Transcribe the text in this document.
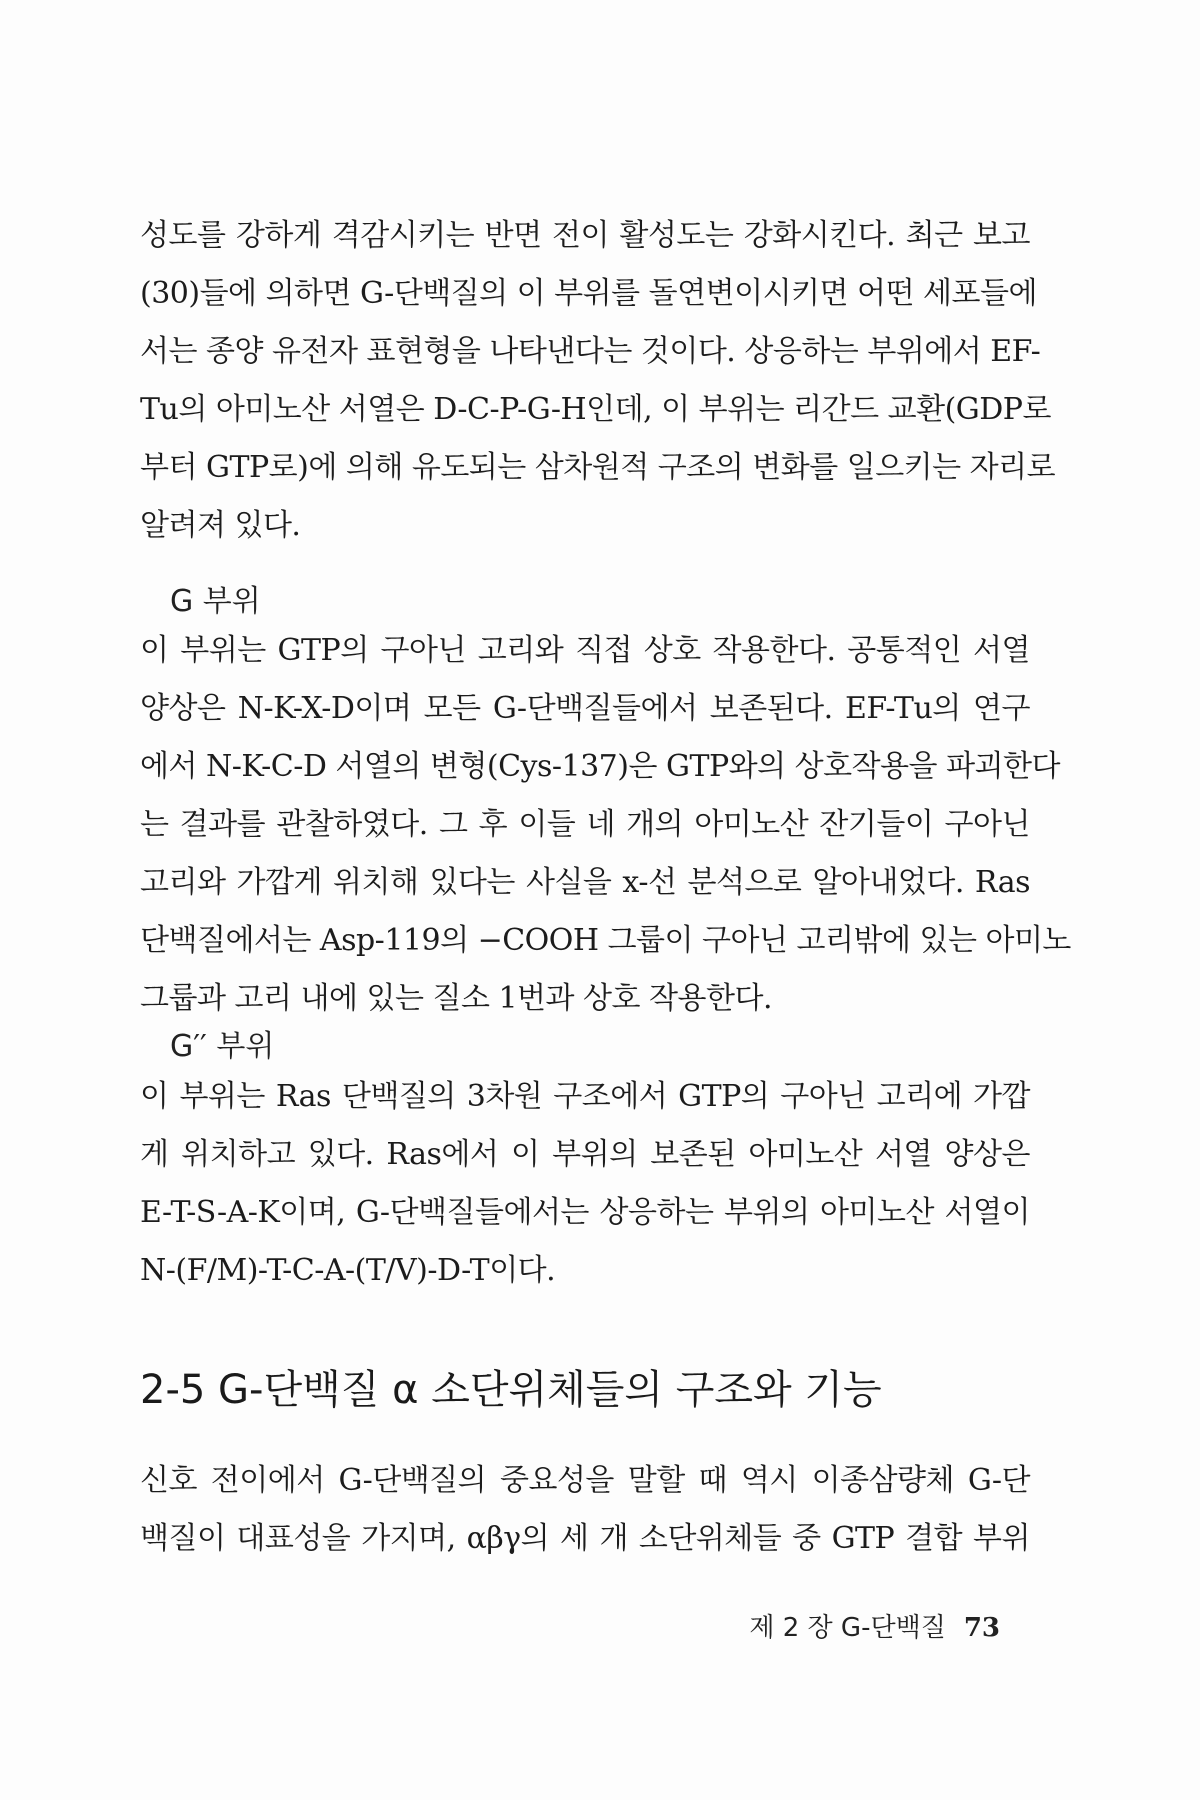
성도를 강하게 격감시키는 반면 전이 활성도는 강화시킨다. 최근 보고
(30)들에 의하면 G-단백질의 이 부위를 돌연변이시키면 어떤 세포들에
서는 종양 유전자 표현형을 나타낸다는 것이다. 상응하는 부위에서 EF-
Tu의 아미노산 서열은 D-C-P-G-H인데, 이 부위는 리간드 교환(GDP로
부터 GTP로)에 의해 유도되는 삼차원적 구조의 변화를 일으키는 자리로
알려져 있다.
G 부위
이 부위는 GTP의 구아닌 고리와 직접 상호 작용한다. 공통적인 서열
양상은 N-K-X-D이며 모든 G-단백질들에서 보존된다. EF-Tu의 연구
에서 N-K-C-D 서열의 변형(Cys-137)은 GTP와의 상호작용을 파괴한다
는 결과를 관찰하였다. 그 후 이들 네 개의 아미노산 잔기들이 구아닌
고리와 가깝게 위치해 있다는 사실을 x-선 분석으로 알아내었다. Ras
단백질에서는 Asp-119의 −COOH 그룹이 구아닌 고리밖에 있는 아미노
그룹과 고리 내에 있는 질소 1번과 상호 작용한다.
G′′ 부위
이 부위는 Ras 단백질의 3차원 구조에서 GTP의 구아닌 고리에 가깝
게 위치하고 있다. Ras에서 이 부위의 보존된 아미노산 서열 양상은
E-T-S-A-K이며, G-단백질들에서는 상응하는 부위의 아미노산 서열이
N-(F/M)-T-C-A-(T/V)-D-T이다.
2-5 G-단백질 α 소단위체들의 구조와 기능
신호 전이에서 G-단백질의 중요성을 말할 때 역시 이종삼량체 G-단
백질이 대표성을 가지며, αβγ의 세 개 소단위체들 중 GTP 결합 부위
제 2 장 G-단백질 73
